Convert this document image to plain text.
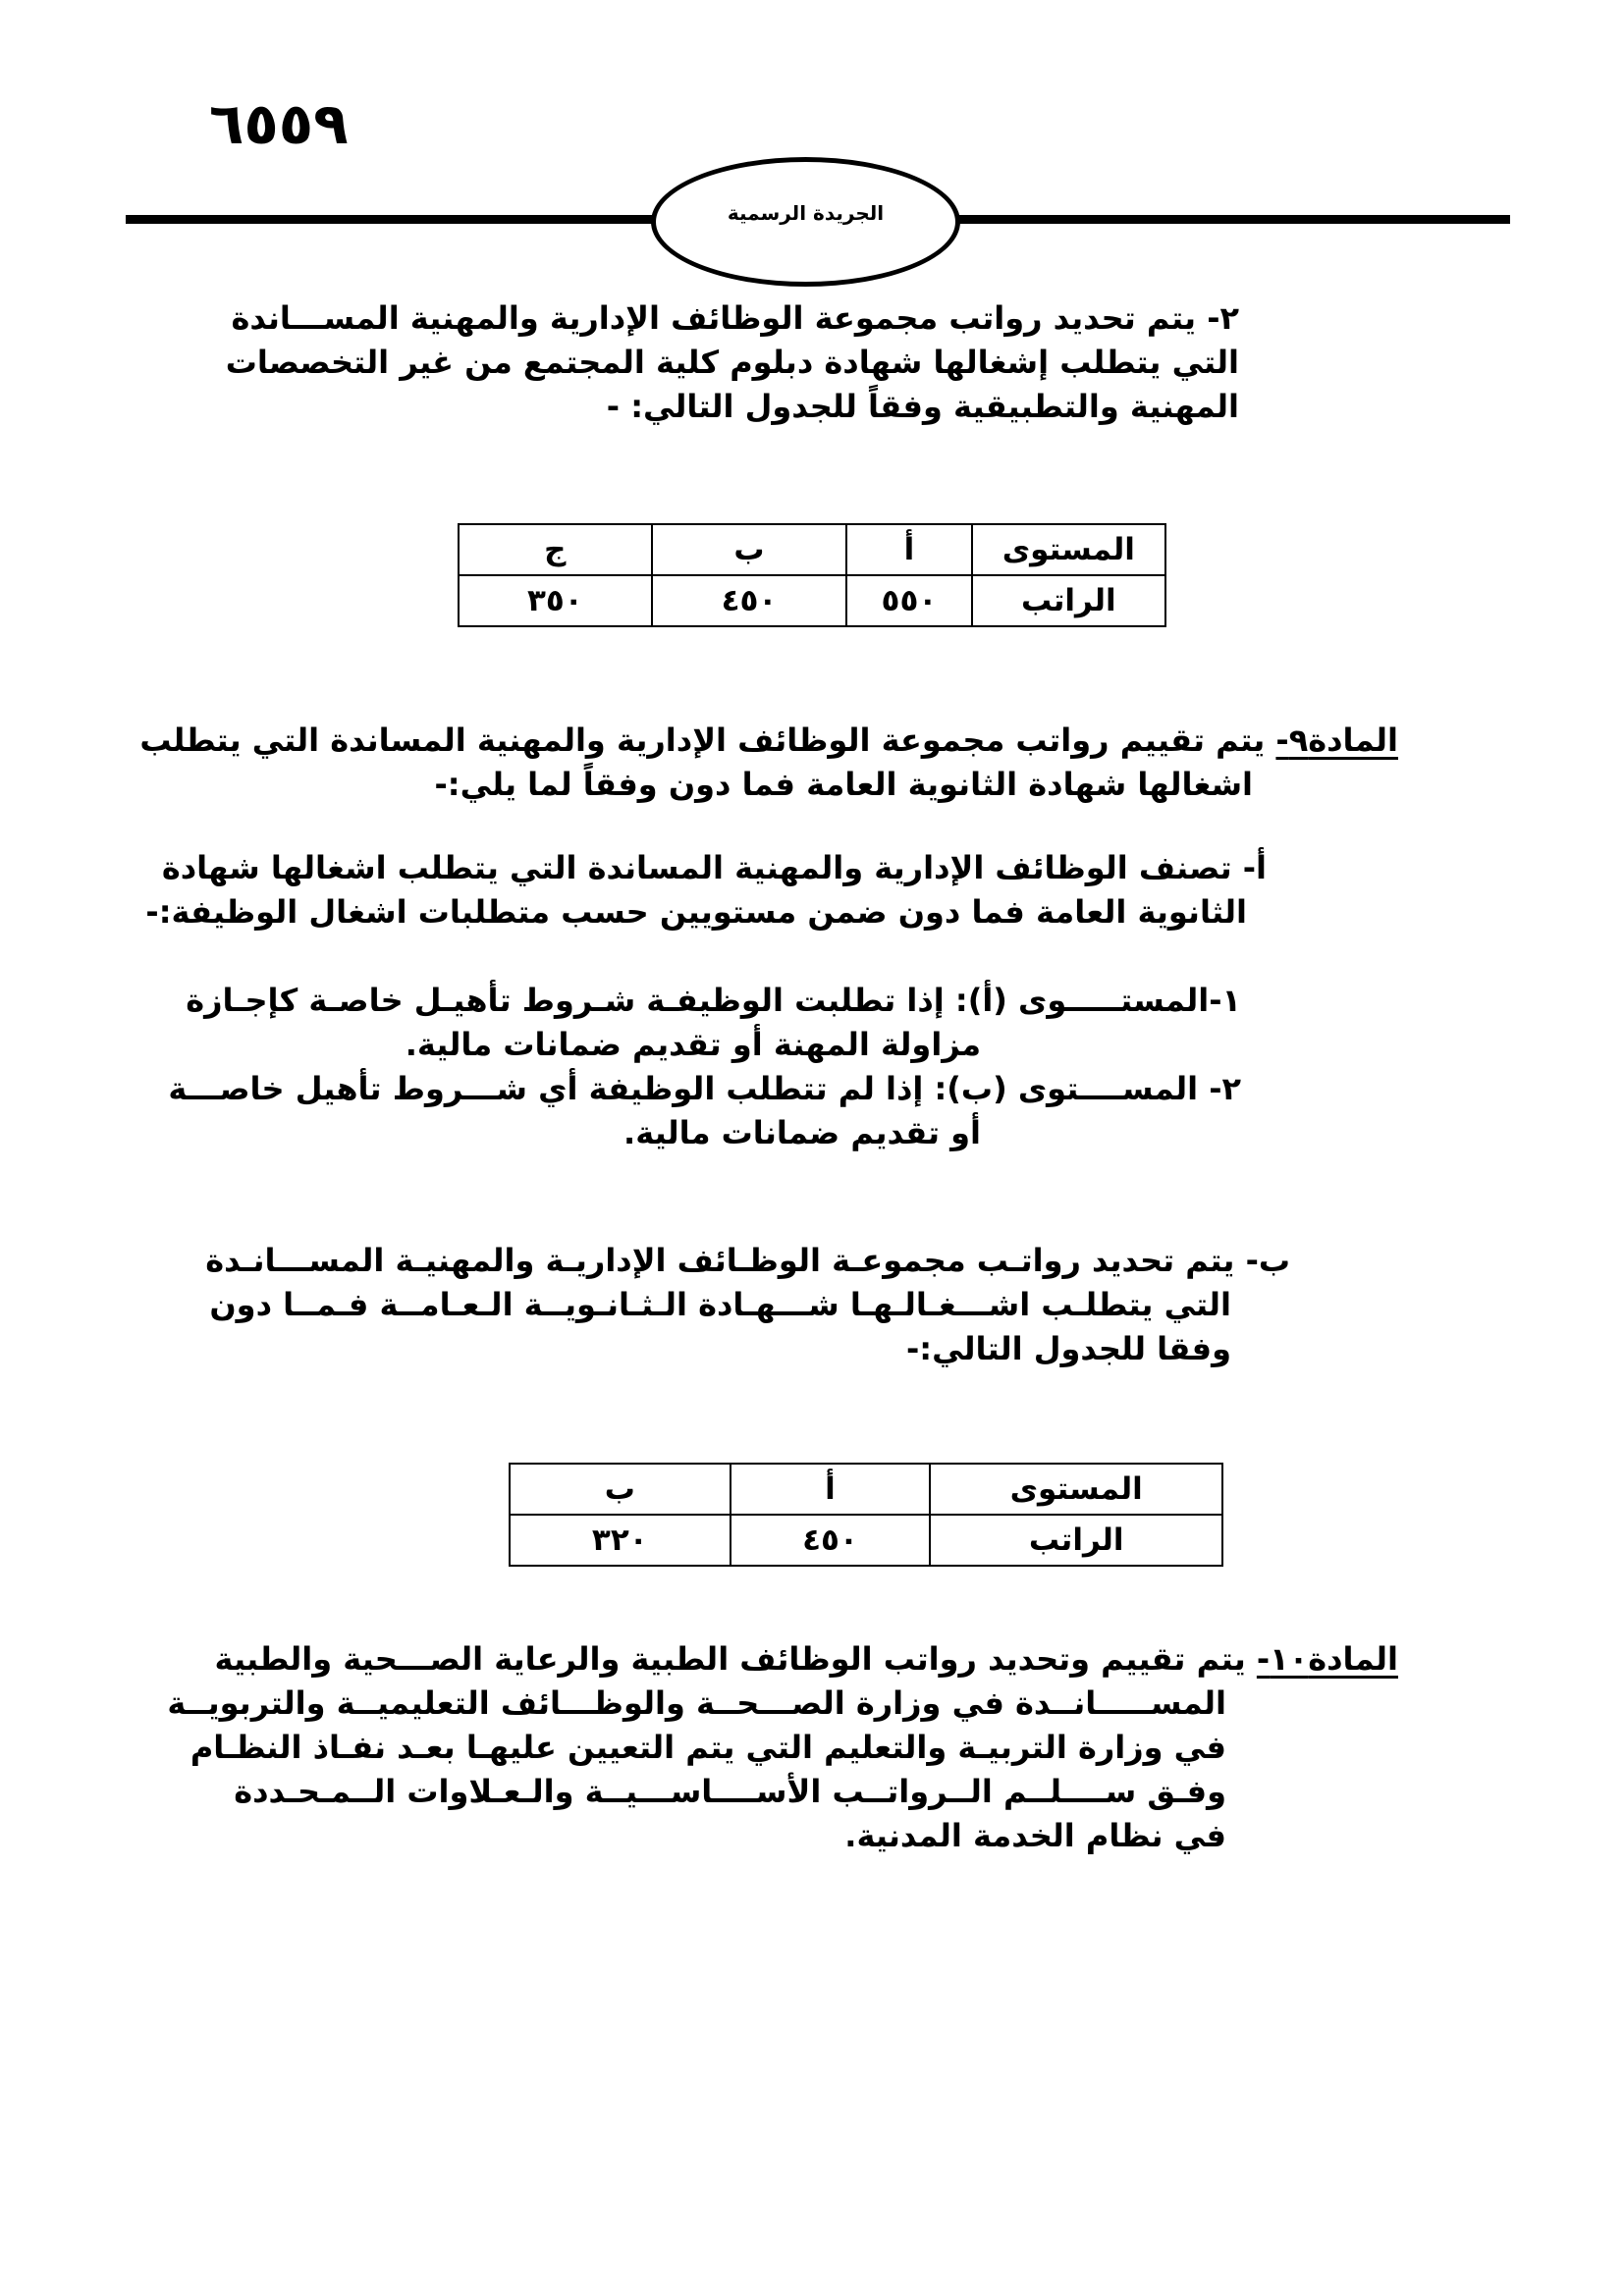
٦٥٥٩
الجريدة الرسمية
٢- يتم تحديد رواتب مجموعة الوظائف الإدارية والمهنية المســـاندة
التي يتطلب إشغالها شهادة دبلوم كلية المجتمع من غير التخصصات
المهنية والتطبيقية وفقاً للجدول التالي: -
المستوى	أ	ب	ج
الراتب	٥٥٠	٤٥٠	٣٥٠
المادة٩- يتم تقييم رواتب مجموعة الوظائف الإدارية والمهنية المساندة التي يتطلب
اشغالها شهادة الثانوية العامة فما دون وفقاً لما يلي:-
أ- تصنف الوظائف الإدارية والمهنية المساندة التي يتطلب اشغالها شهادة
الثانوية العامة فما دون ضمن مستويين حسب متطلبات اشغال الوظيفة:-
١-المستـــــوى (أ): إذا تطلبت الوظيفـة شـروط تأهيـل خاصـة كإجـازة
مزاولة المهنة أو تقديم ضمانات مالية.
٢- المســــتوى (ب): إذا لم تتطلب الوظيفة أي شـــروط تأهيل خاصـــة
أو تقديم ضمانات مالية.
ب- يتم تحديد رواتـب مجموعـة الوظـائف الإداريـة والمهنيـة المســـانـدة
التي يتطلـب اشـــغـالـهـا شـــهـادة الـثـانـويــة الـعـامــة فـمــا دون
وفقا للجدول التالي:-
المستوى	أ	ب
الراتب	٤٥٠	٣٢٠
المادة١٠- يتم تقييم وتحديد رواتب الوظائف الطبية والرعاية الصـــحية والطبية
المســـــانــدة في وزارة الصـــحــة والوظـــائف التعليميــة والتربويــة
في وزارة التربيـة والتعليم التي يتم التعيين عليهـا بعـد نفـاذ النظـام
وفـق ســــلــم الــرواتــب الأســــاســـيــة والـعـلاوات الــمـحـددة
في نظام الخدمة المدنية.
